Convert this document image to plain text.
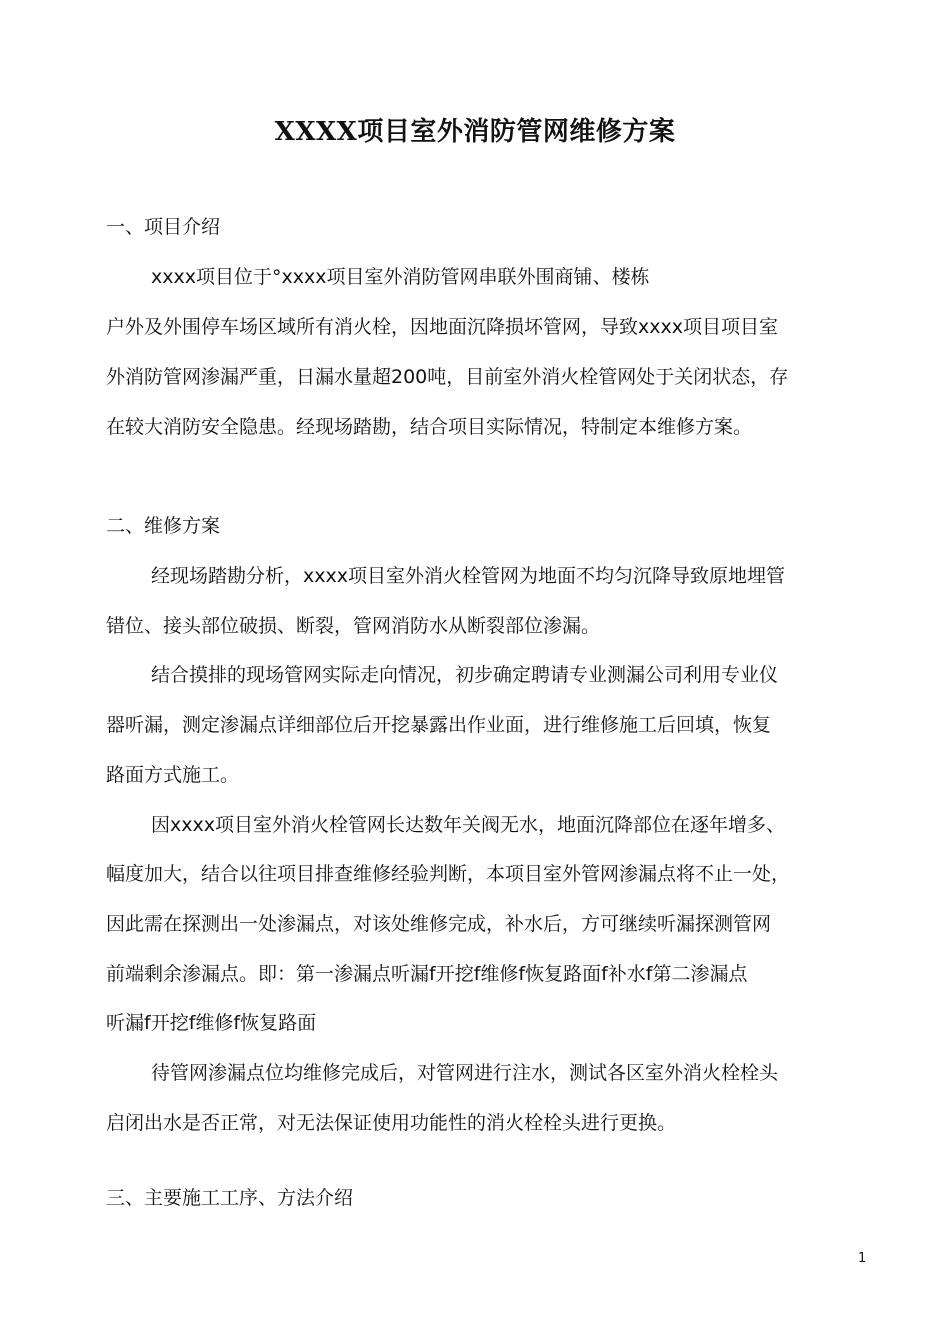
XXXX项目室外消防管网维修方案
一、项目介绍
xxxx项目位于°xxxx项目室外消防管网串联外围商铺、楼栋
户外及外围停车场区域所有消火栓，因地面沉降损坏管网，导致xxxx项目项目室
外消防管网渗漏严重，日漏水量超200吨，目前室外消火栓管网处于关闭状态，存
在较大消防安全隐患。经现场踏勘，结合项目实际情况，特制定本维修方案。
二、维修方案
经现场踏勘分析，xxxx项目室外消火栓管网为地面不均匀沉降导致原地埋管
错位、接头部位破损、断裂，管网消防水从断裂部位渗漏。
结合摸排的现场管网实际走向情况，初步确定聘请专业测漏公司利用专业仪
器听漏，测定渗漏点详细部位后开挖暴露出作业面，进行维修施工后回填，恢复
路面方式施工。
因xxxx项目室外消火栓管网长达数年关阀无水，地面沉降部位在逐年增多、
幅度加大，结合以往项目排查维修经验判断，本项目室外管网渗漏点将不止一处，
因此需在探测出一处渗漏点，对该处维修完成，补水后，方可继续听漏探测管网
前端剩余渗漏点。即：第一渗漏点听漏f开挖f维修f恢复路面f补水f第二渗漏点
听漏f开挖f维修f恢复路面
待管网渗漏点位均维修完成后，对管网进行注水，测试各区室外消火栓栓头
启闭出水是否正常，对无法保证使用功能性的消火栓栓头进行更换。
三、主要施工工序、方法介绍
1
